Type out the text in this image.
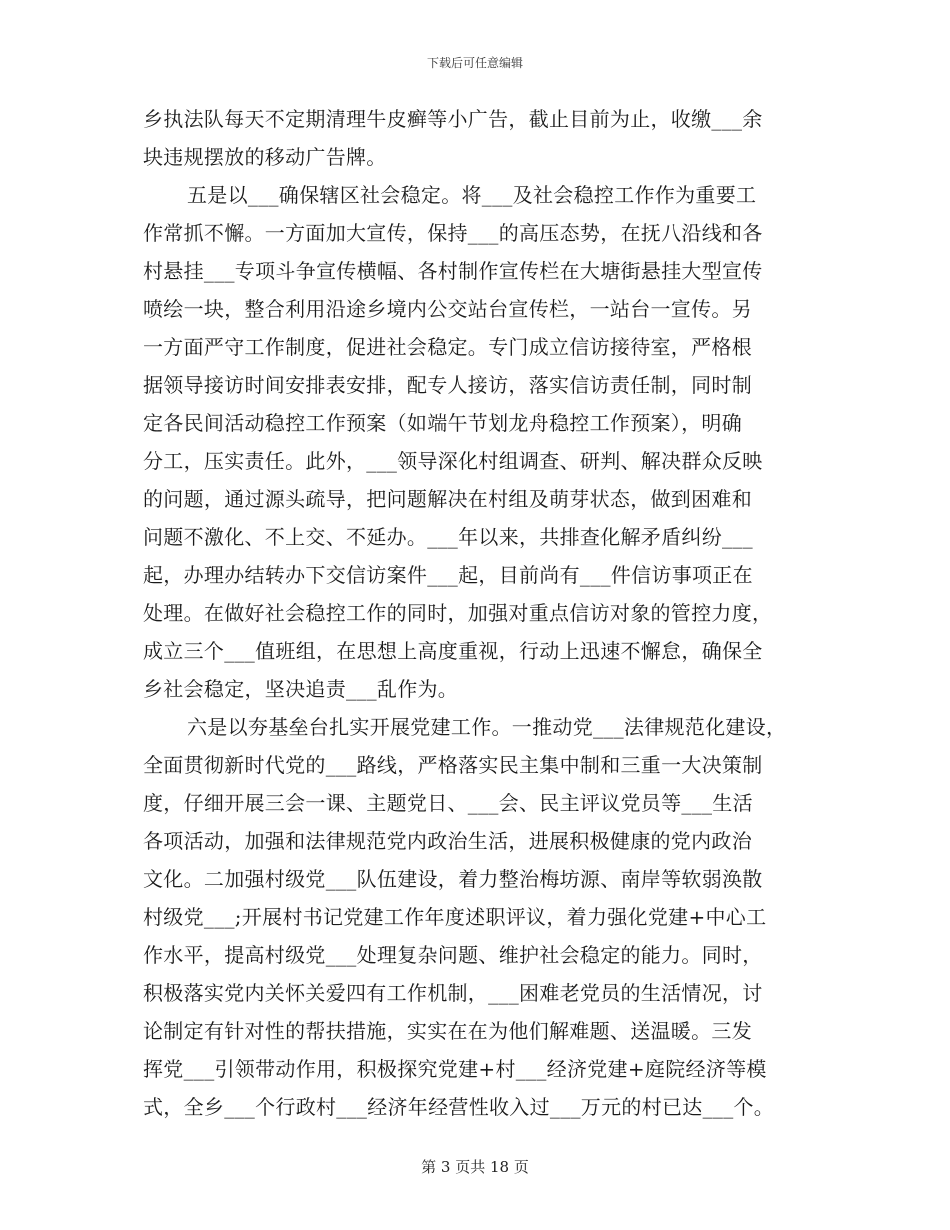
下载后可任意编辑
乡执法队每天不定期清理牛皮癣等小广告，截止目前为止，收缴___余
块违规摆放的移动广告牌。
五是以___确保辖区社会稳定。将___及社会稳控工作作为重要工
作常抓不懈。一方面加大宣传，保持___的高压态势，在抚八沿线和各
村悬挂___专项斗争宣传横幅、各村制作宣传栏在大塘街悬挂大型宣传
喷绘一块，整合利用沿途乡境内公交站台宣传栏，一站台一宣传。另
一方面严守工作制度，促进社会稳定。专门成立信访接待室，严格根
据领导接访时间安排表安排，配专人接访，落实信访责任制，同时制
定各民间活动稳控工作预案（如端午节划龙舟稳控工作预案），明确
分工，压实责任。此外，___领导深化村组调查、研判、解决群众反映
的问题，通过源头疏导，把问题解决在村组及萌芽状态，做到困难和
问题不激化、不上交、不延办。___年以来，共排查化解矛盾纠纷___
起，办理办结转办下交信访案件___起，目前尚有___件信访事项正在
处理。在做好社会稳控工作的同时，加强对重点信访对象的管控力度，
成立三个___值班组，在思想上高度重视，行动上迅速不懈怠，确保全
乡社会稳定，坚决追责___乱作为。
六是以夯基垒台扎实开展党建工作。一推动党___法律规范化建设，
全面贯彻新时代党的___路线，严格落实民主集中制和三重一大决策制
度，仔细开展三会一课、主题党日、___会、民主评议党员等___生活
各项活动，加强和法律规范党内政治生活，进展积极健康的党内政治
文化。二加强村级党___队伍建设，着力整治梅坊源、南岸等软弱涣散
村级党___;开展村书记党建工作年度述职评议，着力强化党建+中心工
作水平，提高村级党___处理复杂问题、维护社会稳定的能力。同时，
积极落实党内关怀关爱四有工作机制，___困难老党员的生活情况，讨
论制定有针对性的帮扶措施，实实在在为他们解难题、送温暖。三发
挥党___引领带动作用，积极探究党建+村___经济党建+庭院经济等模
式，全乡___个行政村___经济年经营性收入过___万元的村已达___个。
第 3 页共 18 页
